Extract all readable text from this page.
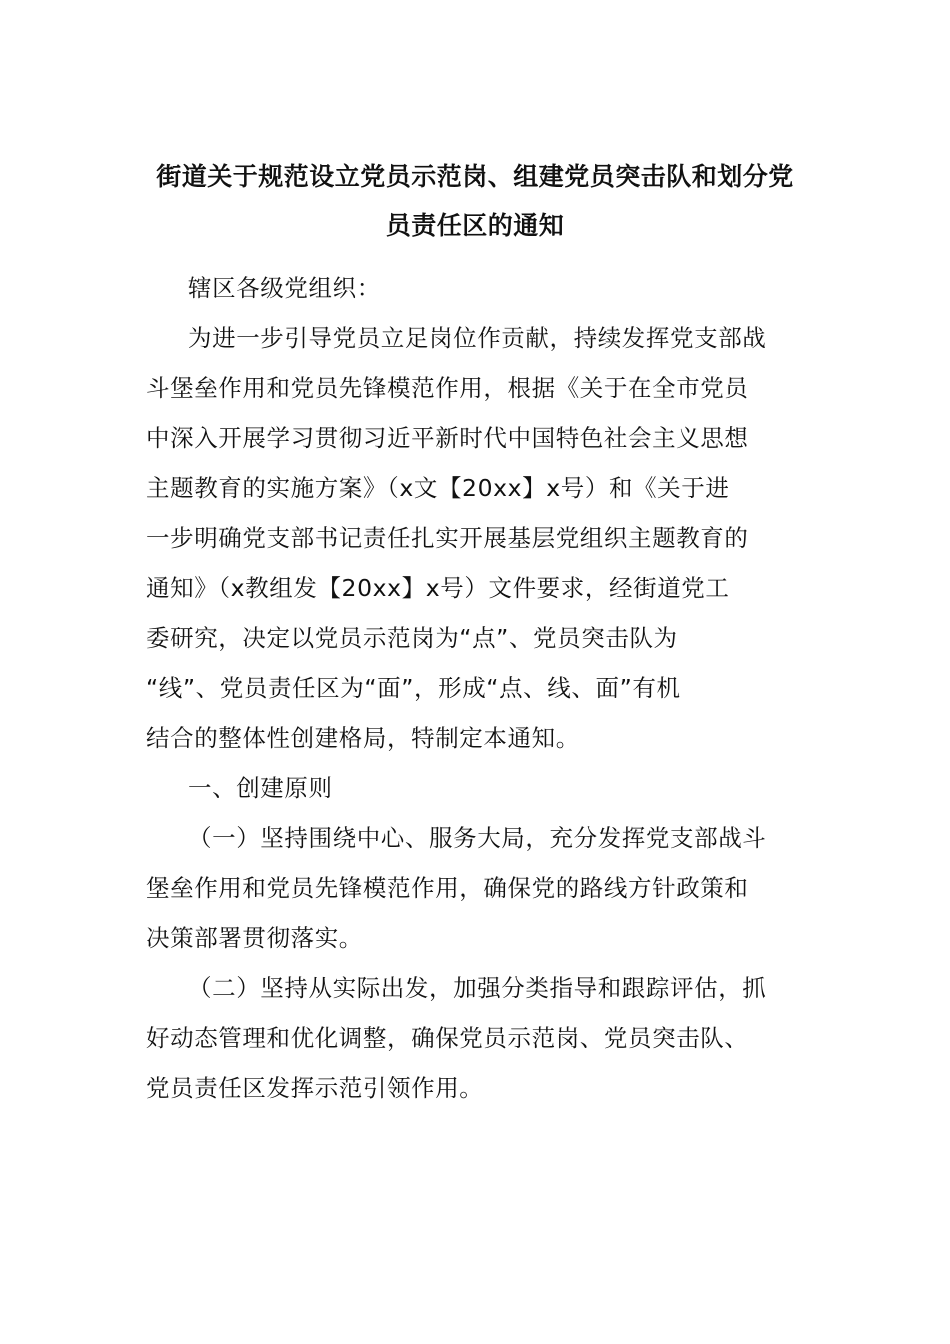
街道关于规范设立党员示范岗、组建党员突击队和划分党
员责任区的通知
辖区各级党组织：
为进一步引导党员立足岗位作贡献，持续发挥党支部战
斗堡垒作用和党员先锋模范作用，根据《关于在全市党员
中深入开展学习贯彻习近平新时代中国特色社会主义思想
主题教育的实施方案》（x文【20xx】x号）和《关于进
一步明确党支部书记责任扎实开展基层党组织主题教育的
通知》（x教组发【20xx】x号）文件要求，经街道党工
委研究，决定以党员示范岗为“点”、党员突击队为
“线”、党员责任区为“面”，形成“点、线、面”有机
结合的整体性创建格局，特制定本通知。
一、创建原则
（一）坚持围绕中心、服务大局，充分发挥党支部战斗
堡垒作用和党员先锋模范作用，确保党的路线方针政策和
决策部署贯彻落实。
（二）坚持从实际出发，加强分类指导和跟踪评估，抓
好动态管理和优化调整，确保党员示范岗、党员突击队、
党员责任区发挥示范引领作用。
